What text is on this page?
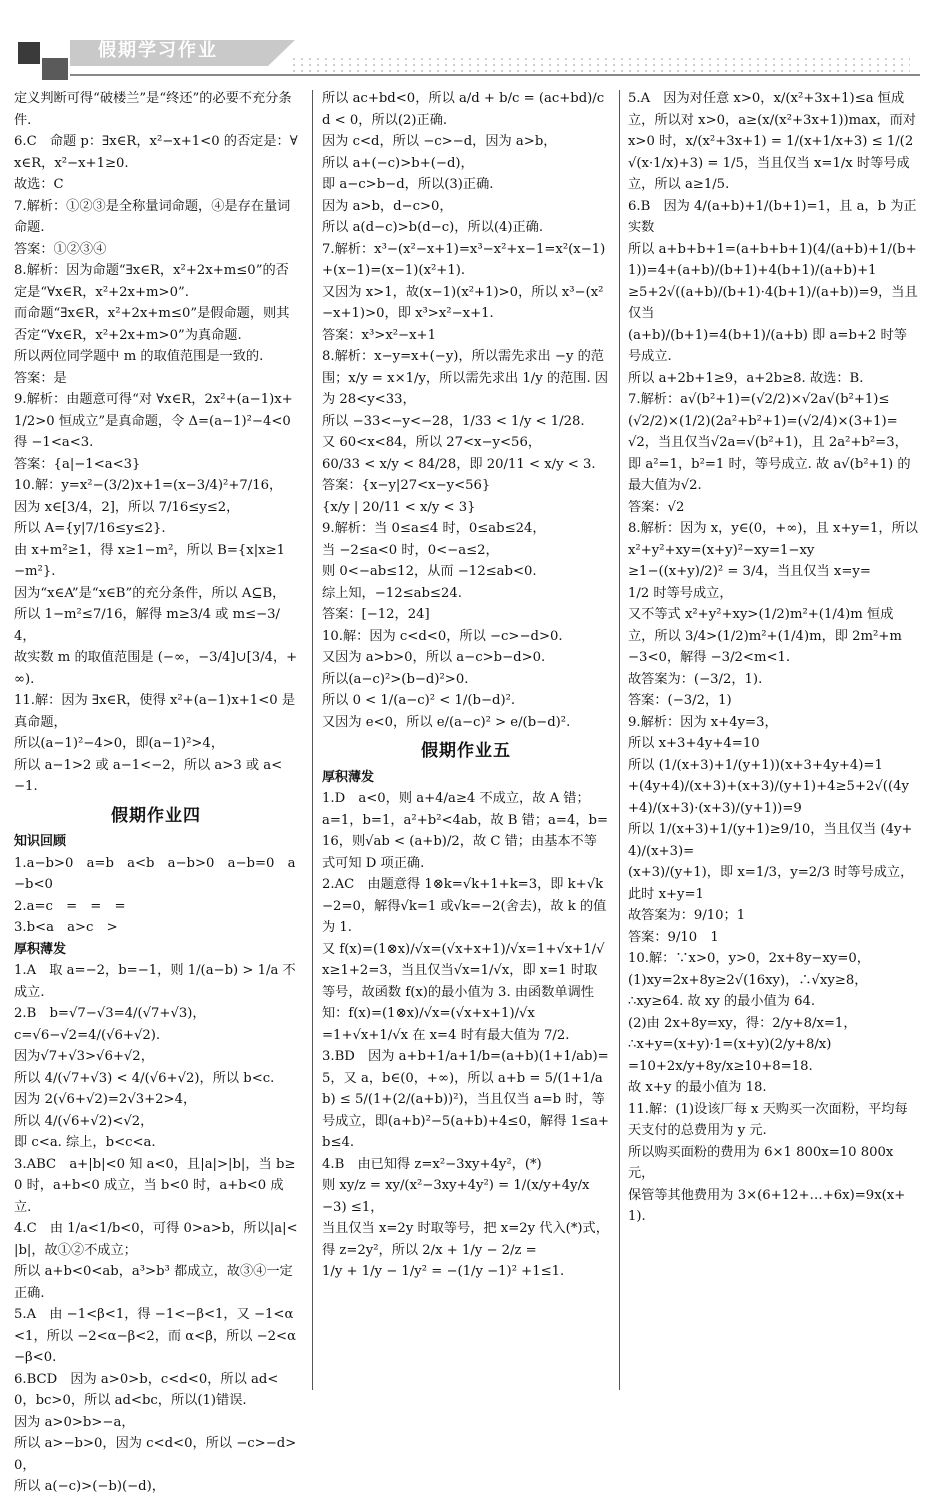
假期学习作业

定义判断可得“破楼兰”是“终还”的必要不充分条件.

6.C　命题 p：∃x∈R，x²−x+1<0 的否定是：∀x∈R，x²−x+1≥0.

故选：C

7.解析：①②③是全称量词命题，④是存在量词命题.

答案：①②③④

8.解析：因为命题“∃x∈R，x²+2x+m≤0”的否定是“∀x∈R，x²+2x+m>0”.

而命题“∃x∈R，x²+2x+m≤0”是假命题，则其否定“∀x∈R，x²+2x+m>0”为真命题.

所以两位同学题中 m 的取值范围是一致的.

答案：是

9.解析：由题意可得“对 ∀x∈R，2x²+(a−1)x+1/2>0 恒成立”是真命题，令 Δ=(a−1)²−4<0 得 −1<a<3.

答案：{a|−1<a<3}

10.解：y=x²−(3/2)x+1=(x−3/4)²+7/16，

因为 x∈[3/4，2]，所以 7/16≤y≤2，

所以 A={y|7/16≤y≤2}.

由 x+m²≥1，得 x≥1−m²，所以 B={x|x≥1−m²}.

因为“x∈A”是“x∈B”的充分条件，所以 A⊆B，所以 1−m²≤7/16，解得 m≥3/4 或 m≤−3/4，

故实数 m 的取值范围是 (−∞，−3/4]∪[3/4，+∞).

11.解：因为 ∃x∈R，使得 x²+(a−1)x+1<0 是真命题，

所以(a−1)²−4>0，即(a−1)²>4，

所以 a−1>2 或 a−1<−2，所以 a>3 或 a<−1.

假期作业四

知识回顾

1.a−b>0　a=b　a<b　a−b>0　a−b=0　a−b<0

2.a=c　=　=　=

3.b<a　a>c　>

厚积薄发

1.A　取 a=−2，b=−1，则 1/(a−b) > 1/a 不成立.

2.B　b=√7−√3=4/(√7+√3)，

c=√6−√2=4/(√6+√2).

因为√7+√3>√6+√2，

所以 4/(√7+√3) < 4/(√6+√2)，所以 b<c.

因为 2(√6+√2)=2√3+2>4，

所以 4/(√6+√2)<√2，

即 c<a. 综上，b<c<a.

3.ABC　a+|b|<0 知 a<0，且|a|>|b|，当 b≥0 时，a+b<0 成立，当 b<0 时，a+b<0 成立.

4.C　由 1/a<1/b<0，可得 0>a>b，所以|a|<|b|，故①②不成立；

所以 a+b<0<ab，a³>b³ 都成立，故③④一定正确.

5.A　由 −1<β<1，得 −1<−β<1，又 −1<α<1，所以 −2<α−β<2，而 α<β，所以 −2<α−β<0.

6.BCD　因为 a>0>b，c<d<0，所以 ad<0，bc>0，所以 ad<bc，所以(1)错误.

因为 a>0>b>−a，

所以 a>−b>0，因为 c<d<0，所以 −c>−d>0，

所以 a(−c)>(−b)(−d)，

所以 ac+bd<0，所以 a/d + b/c = (ac+bd)/cd < 0，所以(2)正确.

因为 c<d，所以 −c>−d，因为 a>b，

所以 a+(−c)>b+(−d)，

即 a−c>b−d，所以(3)正确.

因为 a>b，d−c>0，

所以 a(d−c)>b(d−c)，所以(4)正确.

7.解析：x³−(x²−x+1)=x³−x²+x−1=x²(x−1)+(x−1)=(x−1)(x²+1).

又因为 x>1，故(x−1)(x²+1)>0，所以 x³−(x²−x+1)>0，即 x³>x²−x+1.

答案：x³>x²−x+1

8.解析：x−y=x+(−y)，所以需先求出 −y 的范围；x/y = x×1/y，所以需先求出 1/y 的范围. 因为 28<y<33，

所以 −33<−y<−28，1/33 < 1/y < 1/28.

又 60<x<84，所以 27<x−y<56，

60/33 < x/y < 84/28，即 20/11 < x/y < 3.

答案：{x−y|27<x−y<56}

{x/y | 20/11 < x/y < 3}

9.解析：当 0≤a≤4 时，0≤ab≤24，

当 −2≤a<0 时，0<−a≤2，

则 0<−ab≤12，从而 −12≤ab<0.

综上知，−12≤ab≤24.

答案：[−12，24]

10.解：因为 c<d<0，所以 −c>−d>0.

又因为 a>b>0，所以 a−c>b−d>0.

所以(a−c)²>(b−d)²>0.

所以 0 < 1/(a−c)² < 1/(b−d)².

又因为 e<0，所以 e/(a−c)² > e/(b−d)².

假期作业五

厚积薄发

1.D　a<0，则 a+4/a≥4 不成立，故 A 错；

a=1，b=1，a²+b²<4ab，故 B 错；a=4，b=16，则√ab < (a+b)/2，故 C 错；由基本不等式可知 D 项正确.

2.AC　由题意得 1⊗k=√k+1+k=3，即 k+√k−2=0，解得√k=1 或√k=−2(舍去)，故 k 的值为 1.

又 f(x)=(1⊗x)/√x=(√x+x+1)/√x=1+√x+1/√x≥1+2=3，当且仅当√x=1/√x，即 x=1 时取等号，故函数 f(x)的最小值为 3. 由函数单调性知：f(x)=(1⊗x)/√x=(√x+x+1)/√x

=1+√x+1/√x 在 x=4 时有最大值为 7/2.

3.BD　因为 a+b+1/a+1/b=(a+b)(1+1/ab)=5，又 a，b∈(0，+∞)，所以 a+b = 5/(1+1/ab) ≤ 5/(1+(2/(a+b))²)，当且仅当 a=b 时，等号成立，即(a+b)²−5(a+b)+4≤0，解得 1≤a+b≤4.

4.B　由已知得 z=x²−3xy+4y²，(*)

则 xy/z = xy/(x²−3xy+4y²) = 1/(x/y+4y/x−3) ≤1，

当且仅当 x=2y 时取等号，把 x=2y 代入(*)式，得 z=2y²，所以 2/x + 1/y − 2/z =

1/y + 1/y − 1/y² = −(1/y −1)² +1≤1.

5.A　因为对任意 x>0，x/(x²+3x+1)≤a 恒成立，所以对 x>0，a≥(x/(x²+3x+1))max，而对 x>0 时，x/(x²+3x+1) = 1/(x+1/x+3) ≤ 1/(2√(x·1/x)+3) = 1/5，当且仅当 x=1/x 时等号成立，所以 a≥1/5.

6.B　因为 4/(a+b)+1/(b+1)=1，且 a，b 为正实数

所以 a+b+b+1=(a+b+b+1)(4/(a+b)+1/(b+1))=4+(a+b)/(b+1)+4(b+1)/(a+b)+1

≥5+2√((a+b)/(b+1)·4(b+1)/(a+b))=9，当且仅当

(a+b)/(b+1)=4(b+1)/(a+b) 即 a=b+2 时等号成立.

所以 a+2b+1≥9，a+2b≥8. 故选：B.

7.解析：a√(b²+1)=(√2/2)×√2a√(b²+1)≤

(√2/2)×(1/2)(2a²+b²+1)=(√2/4)×(3+1)=

√2，当且仅当√2a=√(b²+1)，且 2a²+b²=3，

即 a²=1，b²=1 时，等号成立. 故 a√(b²+1) 的最大值为√2.

答案：√2

8.解析：因为 x，y∈(0，+∞)，且 x+y=1，所以 x²+y²+xy=(x+y)²−xy=1−xy

≥1−((x+y)/2)² = 3/4，当且仅当 x=y=

1/2 时等号成立，

又不等式 x²+y²+xy>(1/2)m²+(1/4)m 恒成立，所以 3/4>(1/2)m²+(1/4)m，即 2m²+m−3<0，解得 −3/2<m<1.

故答案为：(−3/2，1).

答案：(−3/2，1)

9.解析：因为 x+4y=3，

所以 x+3+4y+4=10

所以 (1/(x+3)+1/(y+1))(x+3+4y+4)=1

+(4y+4)/(x+3)+(x+3)/(y+1)+4≥5+2√((4y+4)/(x+3)·(x+3)/(y+1))=9

所以 1/(x+3)+1/(y+1)≥9/10，当且仅当 (4y+4)/(x+3)=

(x+3)/(y+1)，即 x=1/3，y=2/3 时等号成立，此时 x+y=1

故答案为：9/10；1

答案：9/10　1

10.解：∵x>0，y>0，2x+8y−xy=0，

(1)xy=2x+8y≥2√(16xy)，∴√xy≥8，

∴xy≥64. 故 xy 的最小值为 64.

(2)由 2x+8y=xy，得：2/y+8/x=1，

∴x+y=(x+y)·1=(x+y)(2/y+8/x)

=10+2x/y+8y/x≥10+8=18.

故 x+y 的最小值为 18.

11.解：(1)设该厂每 x 天购买一次面粉，平均每天支付的总费用为 y 元.

所以购买面粉的费用为 6×1 800x=10 800x 元，

保管等其他费用为 3×(6+12+…+6x)=9x(x+1).
